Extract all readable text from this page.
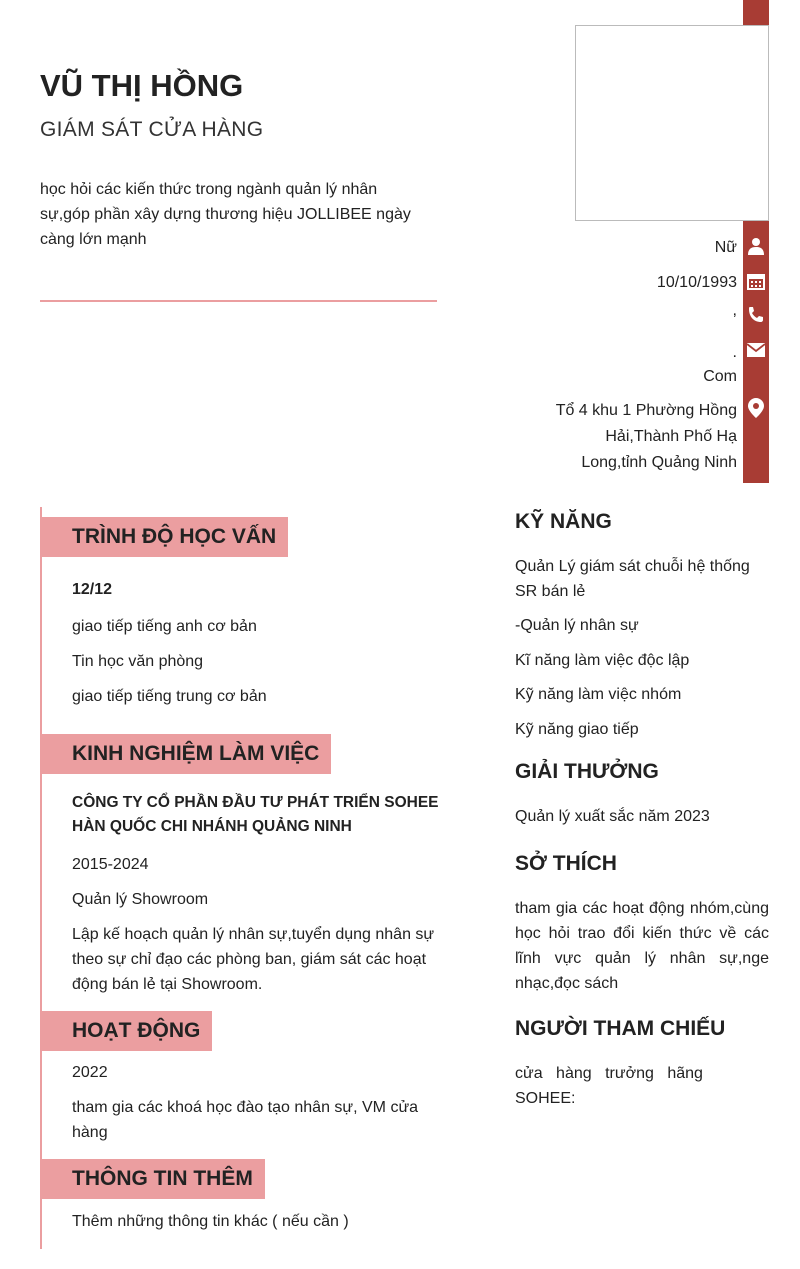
VŨ THỊ HỒNG
GIÁM SÁT CỬA HÀNG
học hỏi các kiến thức trong ngành quản lý nhân sự,góp phần xây dựng thương hiệu JOLLIBEE ngày càng lớn mạnh	Nữ
10/10/1993
,
.
Com
Tổ 4 khu 1 Phường Hồng Hải,Thành Phố Hạ Long,tỉnh Quảng Ninh
TRÌNH ĐỘ HỌC VẤN
12/12
giao tiếp tiếng anh cơ bản
Tin học văn phòng
giao tiếp tiếng trung cơ bản
KINH NGHIỆM LÀM VIỆC
CÔNG TY CỔ PHẦN ĐẦU TƯ PHÁT TRIỂN SOHEE HÀN QUỐC CHI NHÁNH QUẢNG NINH
2015-2024
Quản lý Showroom
Lập kế hoạch quản lý nhân sự,tuyển dụng nhân sự theo sự chỉ đạo các phòng ban, giám sát các hoạt động bán lẻ tại Showroom.
HOẠT ĐỘNG
2022
tham gia các khoá học đào tạo nhân sự, VM cửa hàng
THÔNG TIN THÊM
Thêm những thông tin khác ( nếu cần )
KỸ NĂNG
Quản Lý giám sát chuỗi hệ thống SR bán lẻ
-Quản lý nhân sự
Kĩ năng làm việc độc lập
Kỹ năng làm việc nhóm
Kỹ năng giao tiếp
GIẢI THƯỞNG
Quản lý xuất sắc năm 2023
SỞ THÍCH
tham gia các hoạt động nhóm,cùng học hỏi trao đổi kiến thức về các lĩnh vực quản lý nhân sự,nge nhạc,đọc sách
NGƯỜI THAM CHIẾU
cửa hàng trưởng hãng SOHEE:
